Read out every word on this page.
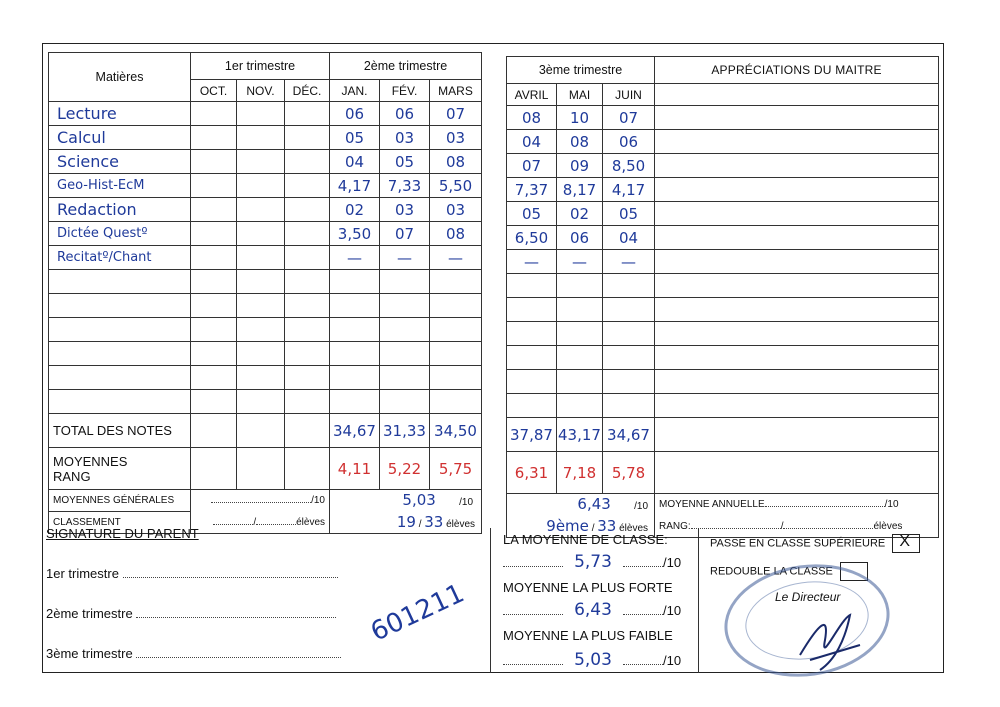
Matières	1er trimestre			2ème trimestre		
	OCT.	NOV.	DÉC.	JAN.	FÉV.	MARS
Lecture				06	06	07
Calcul				05	03	03
Science				04	05	08
Geo-Hist-EcM				4,17	7,33	5,50
Redaction				02	03	03
Dictée Questº				3,50	07	08
Recitatº/Chant				—	—	—

TOTAL DES NOTES				34,67	31,33	34,50

MOYENNES
RANG				4,11	5,22	5,75
MOYENNES GÉNÉRALES	/10			5,03 /10		
CLASSEMENT	/ élèves			19 / 33 élèves		
3ème trimestre			APPRÉCIATIONS DU MAITRE
AVRIL	MAI	JUIN	
08	10	07	
04	08	06	
07	09	8,50	
7,37	8,17	4,17	
05	02	05	
6,50	06	04	
—	—	—	

37,87	43,17	34,67	
6,31	7,18	5,78	
6,43 /10			MOYENNE ANNUELLE /10
9ème / 33 élèves			RANG: / élèves
SIGNATURE DU PARENT
1er trimestre
2ème trimestre
3ème trimestre
601211
LA MOYENNE DE CLASSE:
5,73	/10
MOYENNE LA PLUS FORTE
6,43	/10
MOYENNE LA PLUS FAIBLE
5,03	/10
PASSE EN CLASSE SUPÉRIEURE X
REDOUBLE LA CLASSE
Le Directeur
